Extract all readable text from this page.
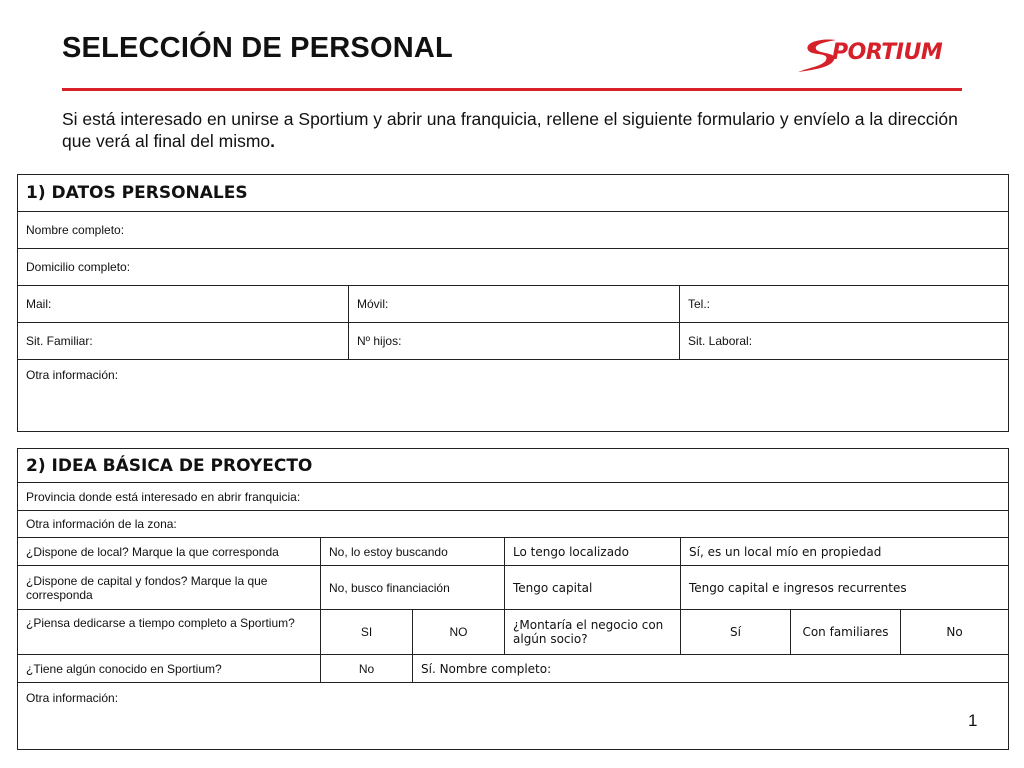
SELECCIÓN DE PERSONAL	PORTIUM
Si está interesado en unirse a Sportium y abrir una franquicia, rellene el siguiente formulario y envíelo a la dirección que verá al final del mismo.
1) DATOS PERSONALES		
Nombre completo:		
Domicilio completo:		
Mail:	Móvil:	Tel.:
Sit. Familiar:	Nº hijos:	Sit. Laboral:
Otra información:		
2) IDEA BÁSICA DE PROYECTO						
Provincia donde está interesado en abrir franquicia:						
Otra información de la zona:						
¿Dispone de local? Marque la que corresponda	No, lo estoy buscando		Lo tengo localizado	Sí, es un local mío en propiedad		
¿Dispone de capital y fondos? Marque la que corresponda	No, busco financiación		Tengo capital	Tengo capital e ingresos recurrentes		
¿Piensa dedicarse a tiempo completo a Sportium?	SI	NO	¿Montaría el negocio con algún socio?	Sí	Con familiares	No
¿Tiene algún conocido en Sportium?	No	Sí. Nombre completo:				
Otra información:						
1
